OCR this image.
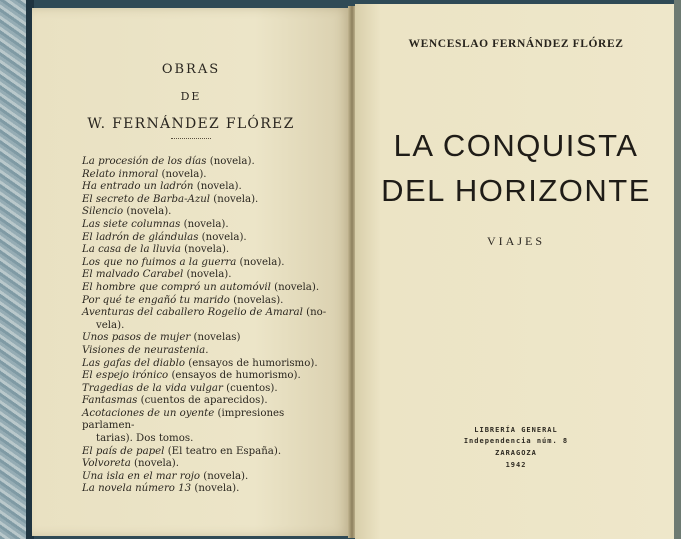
OBRAS
DE
W. FERNÁNDEZ FLÓREZ
La procesión de los días (novela).
Relato inmoral (novela).
Ha entrado un ladrón (novela).
El secreto de Barba-Azul (novela).
Silencio (novela).
Las siete columnas (novela).
El ladrón de glándulas (novela).
La casa de la lluvia (novela).
Los que no fuimos a la guerra (novela).
El malvado Carabel (novela).
El hombre que compró un automóvil (novela).
Por qué te engañó tu marido (novelas).
Aventuras del caballero Rogelio de Amaral (no-
vela).
Unos pasos de mujer (novelas)
Visiones de neurastenia.
Las gafas del diablo (ensayos de humorismo).
El espejo irónico (ensayos de humorismo).
Tragedias de la vida vulgar (cuentos).
Fantasmas (cuentos de aparecidos).
Acotaciones de un oyente (impresiones parlamen-
tarias). Dos tomos.
El país de papel (El teatro en España).
Volvoreta (novela).
Una isla en el mar rojo (novela).
La novela número 13 (novela).
WENCESLAO FERNÁNDEZ FLÓREZ
LA CONQUISTA
DEL HORIZONTE
VIAJES
LIBRERÍA GENERAL
Independencia núm. 8
ZARAGOZA
1942
